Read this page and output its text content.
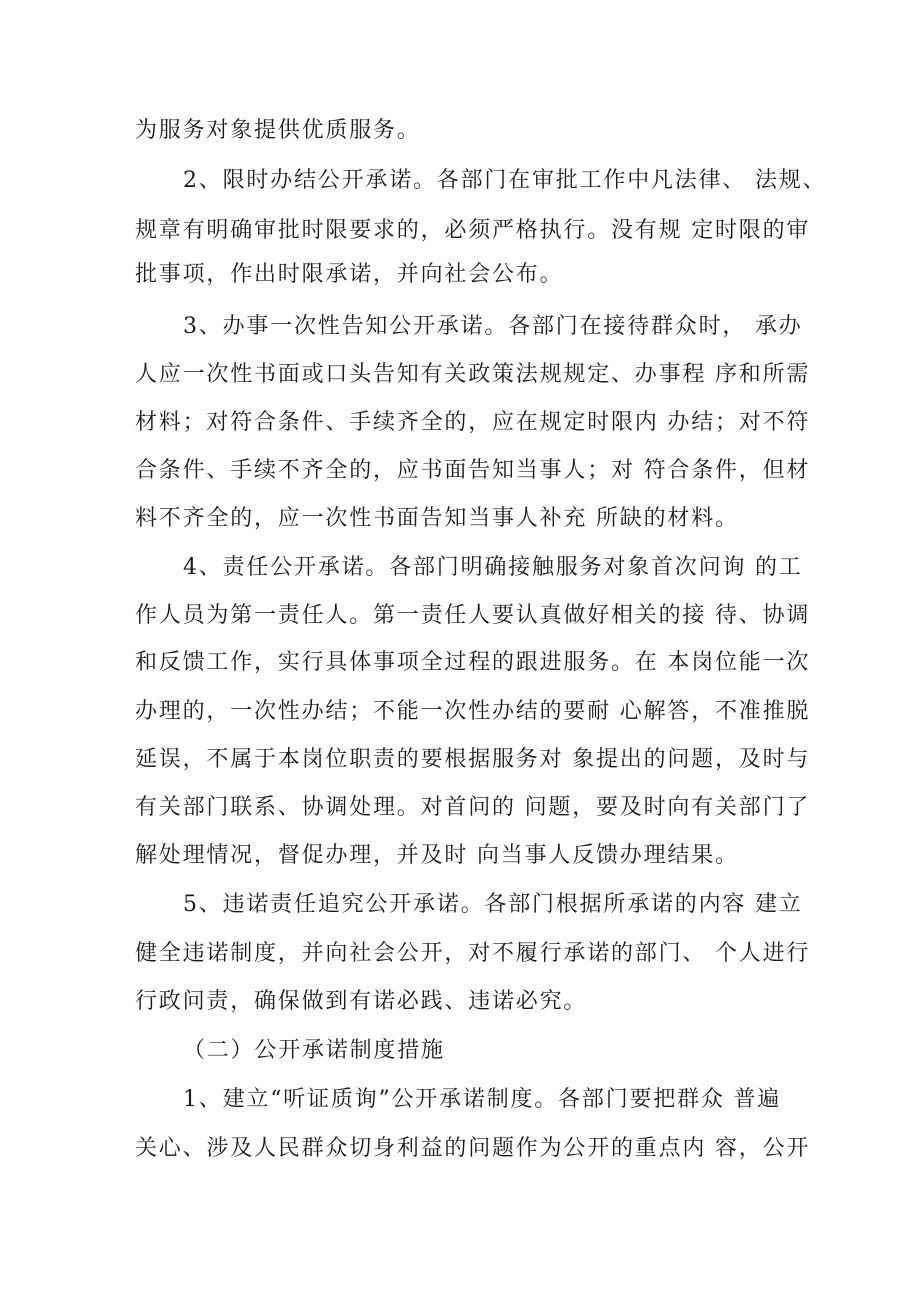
为服务对象提供优质服务。
2、限时办结公开承诺。各部门在审批工作中凡法律、 法规、
规章有明确审批时限要求的，必须严格执行。没有规 定时限的审
批事项，作出时限承诺，并向社会公布。
3、办事一次性告知公开承诺。各部门在接待群众时， 承办
人应一次性书面或口头告知有关政策法规规定、办事程 序和所需
材料；对符合条件、手续齐全的，应在规定时限内 办结；对不符
合条件、手续不齐全的，应书面告知当事人；对 符合条件，但材
料不齐全的，应一次性书面告知当事人补充 所缺的材料。
4、责任公开承诺。各部门明确接触服务对象首次问询 的工
作人员为第一责任人。第一责任人要认真做好相关的接 待、协调
和反馈工作，实行具体事项全过程的跟进服务。在 本岗位能一次
办理的，一次性办结；不能一次性办结的要耐 心解答，不准推脱
延误，不属于本岗位职责的要根据服务对 象提出的问题，及时与
有关部门联系、协调处理。对首问的 问题，要及时向有关部门了
解处理情况，督促办理，并及时 向当事人反馈办理结果。
5、违诺责任追究公开承诺。各部门根据所承诺的内容 建立
健全违诺制度，并向社会公开，对不履行承诺的部门、 个人进行
行政问责，确保做到有诺必践、违诺必究。
（二）公开承诺制度措施
1、建立“听证质询”公开承诺制度。各部门要把群众 普遍
关心、涉及人民群众切身利益的问题作为公开的重点内 容，公开
